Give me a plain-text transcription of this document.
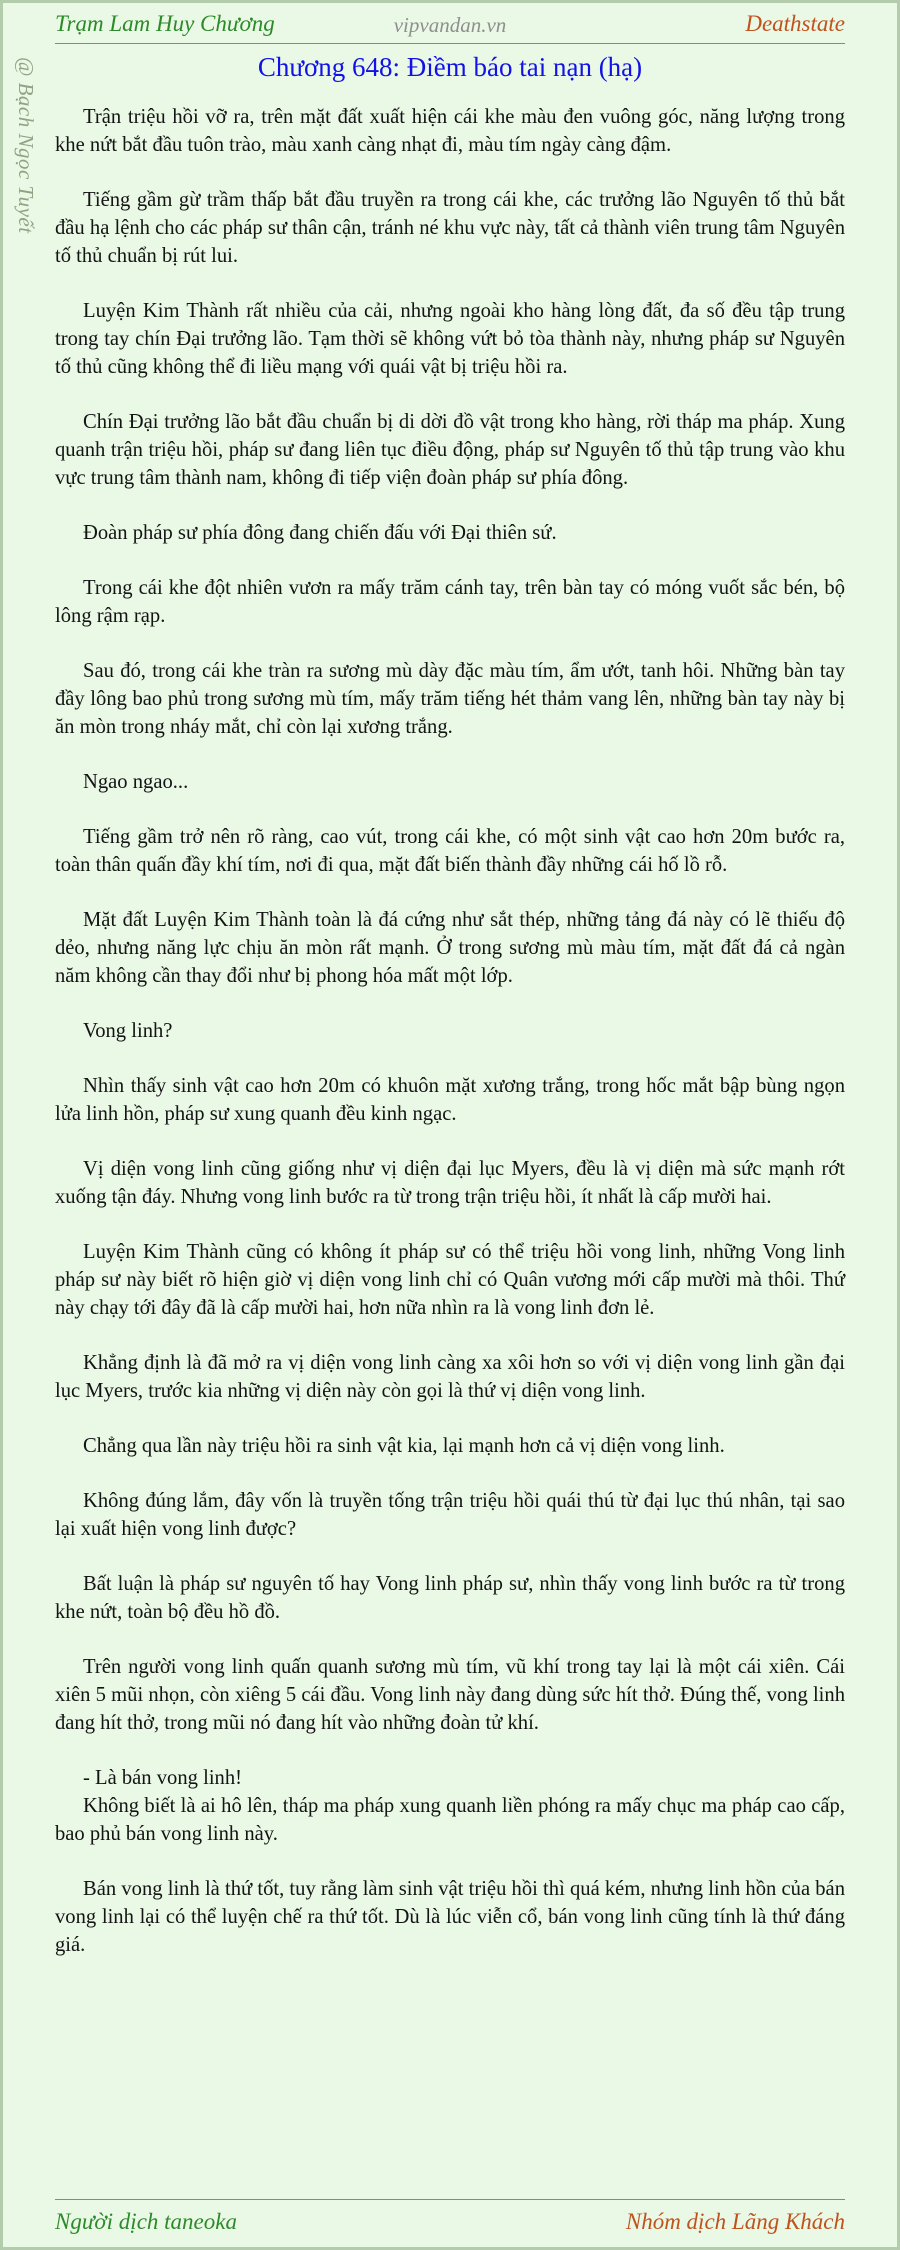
Trạm Lam Huy Chương	vipvandan.vn	Deathstate
@ Bạch Ngọc Tuyết	Chương 648: Điềm báo tai nạn (hạ)

Trận triệu hồi vỡ ra, trên mặt đất xuất hiện cái khe màu đen vuông góc, năng lượng trong khe nứt bắt đầu tuôn trào, màu xanh càng nhạt đi, màu tím ngày càng đậm.

Tiếng gầm gừ trầm thấp bắt đầu truyền ra trong cái khe, các trưởng lão Nguyên tố thủ bắt đầu hạ lệnh cho các pháp sư thân cận, tránh né khu vực này, tất cả thành viên trung tâm Nguyên tố thủ chuẩn bị rút lui.

Luyện Kim Thành rất nhiều của cải, nhưng ngoài kho hàng lòng đất, đa số đều tập trung trong tay chín Đại trưởng lão. Tạm thời sẽ không vứt bỏ tòa thành này, nhưng pháp sư Nguyên tố thủ cũng không thể đi liều mạng với quái vật bị triệu hồi ra.

Chín Đại trưởng lão bắt đầu chuẩn bị di dời đồ vật trong kho hàng, rời tháp ma pháp. Xung quanh trận triệu hồi, pháp sư đang liên tục điều động, pháp sư Nguyên tố thủ tập trung vào khu vực trung tâm thành nam, không đi tiếp viện đoàn pháp sư phía đông.

Đoàn pháp sư phía đông đang chiến đấu với Đại thiên sứ.

Trong cái khe đột nhiên vươn ra mấy trăm cánh tay, trên bàn tay có móng vuốt sắc bén, bộ lông rậm rạp.

Sau đó, trong cái khe tràn ra sương mù dày đặc màu tím, ẩm ướt, tanh hôi. Những bàn tay đầy lông bao phủ trong sương mù tím, mấy trăm tiếng hét thảm vang lên, những bàn tay này bị ăn mòn trong nháy mắt, chỉ còn lại xương trắng.

Ngao ngao...

Tiếng gầm trở nên rõ ràng, cao vút, trong cái khe, có một sinh vật cao hơn 20m bước ra, toàn thân quấn đầy khí tím, nơi đi qua, mặt đất biến thành đầy những cái hố lồ rỗ.

Mặt đất Luyện Kim Thành toàn là đá cứng như sắt thép, những tảng đá này có lẽ thiếu độ dẻo, nhưng năng lực chịu ăn mòn rất mạnh. Ở trong sương mù màu tím, mặt đất đá cả ngàn năm không cần thay đổi như bị phong hóa mất một lớp.

Vong linh?

Nhìn thấy sinh vật cao hơn 20m có khuôn mặt xương trắng, trong hốc mắt bập bùng ngọn lửa linh hồn, pháp sư xung quanh đều kinh ngạc.

Vị diện vong linh cũng giống như vị diện đại lục Myers, đều là vị diện mà sức mạnh rớt xuống tận đáy. Nhưng vong linh bước ra từ trong trận triệu hồi, ít nhất là cấp mười hai.

Luyện Kim Thành cũng có không ít pháp sư có thể triệu hồi vong linh, những Vong linh pháp sư này biết rõ hiện giờ vị diện vong linh chỉ có Quân vương mới cấp mười mà thôi. Thứ này chạy tới đây đã là cấp mười hai, hơn nữa nhìn ra là vong linh đơn lẻ.

Khẳng định là đã mở ra vị diện vong linh càng xa xôi hơn so với vị diện vong linh gần đại lục Myers, trước kia những vị diện này còn gọi là thứ vị diện vong linh.

Chẳng qua lần này triệu hồi ra sinh vật kia, lại mạnh hơn cả vị diện vong linh.

Không đúng lắm, đây vốn là truyền tống trận triệu hồi quái thú từ đại lục thú nhân, tại sao lại xuất hiện vong linh được?

Bất luận là pháp sư nguyên tố hay Vong linh pháp sư, nhìn thấy vong linh bước ra từ trong khe nứt, toàn bộ đều hồ đồ.

Trên người vong linh quấn quanh sương mù tím, vũ khí trong tay lại là một cái xiên. Cái xiên 5 mũi nhọn, còn xiêng 5 cái đầu. Vong linh này đang dùng sức hít thở. Đúng thế, vong linh đang hít thở, trong mũi nó đang hít vào những đoàn tử khí.

- Là bán vong linh!

Không biết là ai hô lên, tháp ma pháp xung quanh liền phóng ra mấy chục ma pháp cao cấp, bao phủ bán vong linh này.

Bán vong linh là thứ tốt, tuy rằng làm sinh vật triệu hồi thì quá kém, nhưng linh hồn của bán vong linh lại có thể luyện chế ra thứ tốt. Dù là lúc viễn cổ, bán vong linh cũng tính là thứ đáng giá.

Người dịch taneoka	Nhóm dịch Lãng Khách
